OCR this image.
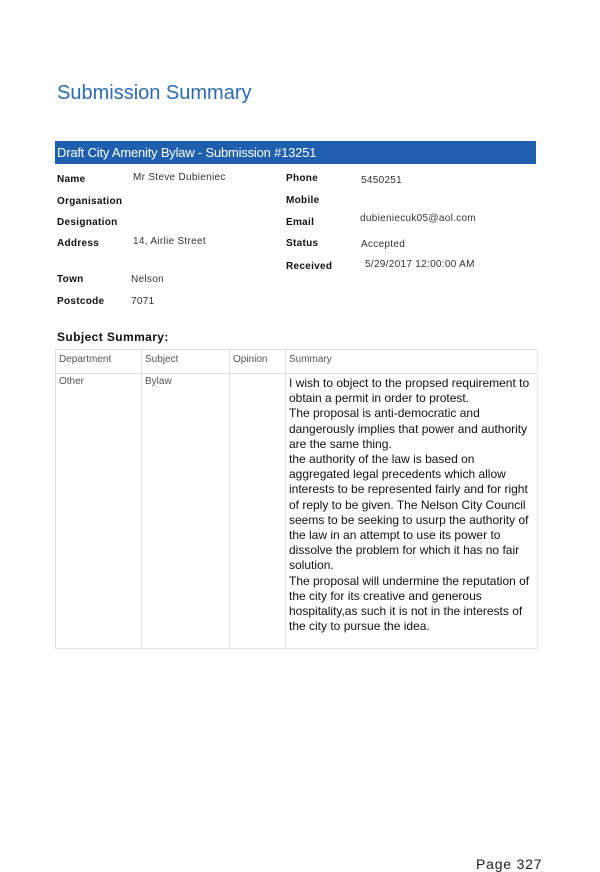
Submission Summary
Draft City Amenity Bylaw - Submission #13251
Name	Mr Steve Dubieniec
Organisation
Designation
Address	14, Airlie Street
Town	Nelson
Postcode	7071
Phone	5450251
Mobile
Email	dubieniecuk05@aol.com
Status	Accepted
Received	5/29/2017 12:00:00 AM
Subject Summary:
Department	Subject	Opinion	Summary
Other	Bylaw		I wish to object to the propsed requirement to obtain a permit in order to protest.
The proposal is anti-democratic and dangerously implies that power and authority are the same thing.
the authority of the law is based on aggregated legal precedents which allow interests to be represented fairly and for right of reply to be given. The Nelson City Council seems to be seeking to usurp the authority of the law in an attempt to use its power to dissolve the problem for which it has no fair solution.
The proposal will undermine the reputation of the city for its creative and generous hospitality,as such it is not in the interests of the city to pursue the idea.
Page 327
